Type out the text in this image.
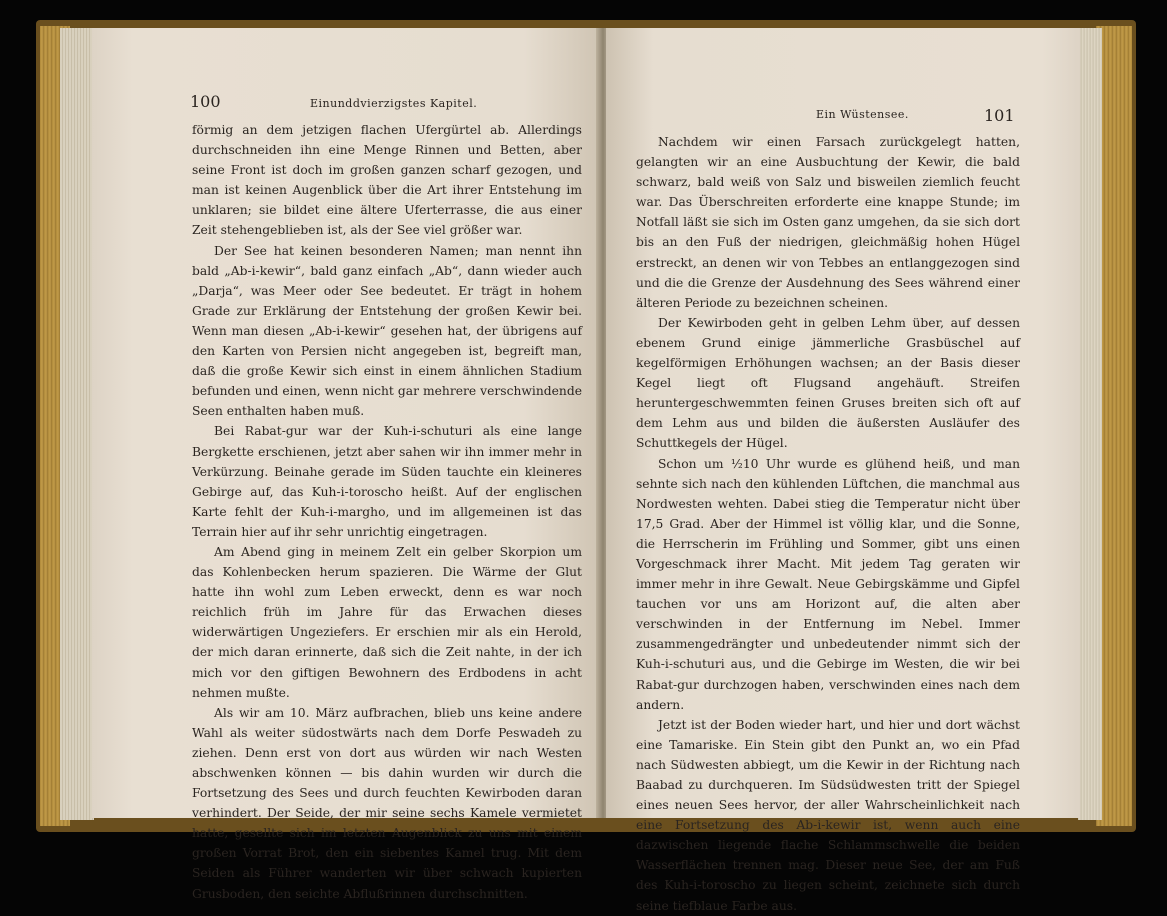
100	Einunddvierzigstes Kapitel.

förmig an dem jetzigen flachen Ufergürtel ab. Allerdings durchschneiden ihn eine Menge Rinnen und Betten, aber seine Front ist doch im großen ganzen scharf gezogen, und man ist keinen Augenblick über die Art ihrer Entstehung im unklaren; sie bildet eine ältere Uferterrasse, die aus einer Zeit stehengeblieben ist, als der See viel größer war.

Der See hat keinen besonderen Namen; man nennt ihn bald „Ab-i-kewir“, bald ganz einfach „Ab“, dann wieder auch „Darja“, was Meer oder See bedeutet. Er trägt in hohem Grade zur Erklärung der Entstehung der großen Kewir bei. Wenn man diesen „Ab-i-kewir“ gesehen hat, der übrigens auf den Karten von Persien nicht angegeben ist, begreift man, daß die große Kewir sich einst in einem ähnlichen Stadium befunden und einen, wenn nicht gar mehrere verschwindende Seen enthalten haben muß.

Bei Rabat-gur war der Kuh-i-schuturi als eine lange Bergkette erschienen, jetzt aber sahen wir ihn immer mehr in Verkürzung. Beinahe gerade im Süden tauchte ein kleineres Gebirge auf, das Kuh-i-toroscho heißt. Auf der englischen Karte fehlt der Kuh-i-margho, und im allgemeinen ist das Terrain hier auf ihr sehr unrichtig eingetragen.

Am Abend ging in meinem Zelt ein gelber Skorpion um das Kohlenbecken herum spazieren. Die Wärme der Glut hatte ihn wohl zum Leben erweckt, denn es war noch reichlich früh im Jahre für das Erwachen dieses widerwärtigen Ungeziefers. Er erschien mir als ein Herold, der mich daran erinnerte, daß sich die Zeit nahte, in der ich mich vor den giftigen Bewohnern des Erdbodens in acht nehmen mußte.

Als wir am 10. März aufbrachen, blieb uns keine andere Wahl als weiter südostwärts nach dem Dorfe Peswadeh zu ziehen. Denn erst von dort aus würden wir nach Westen abschwenken können — bis dahin wurden wir durch die Fortsetzung des Sees und durch feuchten Kewirboden daran verhindert. Der Seide, der mir seine sechs Kamele vermietet hatte, gesellte sich im letzten Augenblick zu uns mit einem großen Vorrat Brot, den ein siebentes Kamel trug. Mit dem Seiden als Führer wanderten wir über schwach kupierten Grusboden, den seichte Abflußrinnen durchschnitten.

Ein Wüstensee.	101

Nachdem wir einen Farsach zurückgelegt hatten, gelangten wir an eine Ausbuchtung der Kewir, die bald schwarz, bald weiß von Salz und bisweilen ziemlich feucht war. Das Überschreiten erforderte eine knappe Stunde; im Notfall läßt sie sich im Osten ganz umgehen, da sie sich dort bis an den Fuß der niedrigen, gleichmäßig hohen Hügel erstreckt, an denen wir von Tebbes an entlanggezogen sind und die die Grenze der Ausdehnung des Sees während einer älteren Periode zu bezeichnen scheinen.

Der Kewirboden geht in gelben Lehm über, auf dessen ebenem Grund einige jämmerliche Grasbüschel auf kegelförmigen Erhöhungen wachsen; an der Basis dieser Kegel liegt oft Flugsand angehäuft. Streifen heruntergeschwemmten feinen Gruses breiten sich oft auf dem Lehm aus und bilden die äußersten Ausläufer des Schuttkegels der Hügel.

Schon um ½10 Uhr wurde es glühend heiß, und man sehnte sich nach den kühlenden Lüftchen, die manchmal aus Nordwesten wehten. Dabei stieg die Temperatur nicht über 17,5 Grad. Aber der Himmel ist völlig klar, und die Sonne, die Herrscherin im Frühling und Sommer, gibt uns einen Vorgeschmack ihrer Macht. Mit jedem Tag geraten wir immer mehr in ihre Gewalt. Neue Gebirgskämme und Gipfel tauchen vor uns am Horizont auf, die alten aber verschwinden in der Entfernung im Nebel. Immer zusammengedrängter und unbedeutender nimmt sich der Kuh-i-schuturi aus, und die Gebirge im Westen, die wir bei Rabat-gur durchzogen haben, verschwinden eines nach dem andern.

Jetzt ist der Boden wieder hart, und hier und dort wächst eine Tamariske. Ein Stein gibt den Punkt an, wo ein Pfad nach Südwesten abbiegt, um die Kewir in der Richtung nach Baabad zu durchqueren. Im Südsüdwesten tritt der Spiegel eines neuen Sees hervor, der aller Wahrscheinlichkeit nach eine Fortsetzung des Ab-i-kewir ist, wenn auch eine dazwischen liegende flache Schlammschwelle die beiden Wasserflächen trennen mag. Dieser neue See, der am Fuß des Kuh-i-toroscho zu liegen scheint, zeichnete sich durch seine tiefblaue Farbe aus.
